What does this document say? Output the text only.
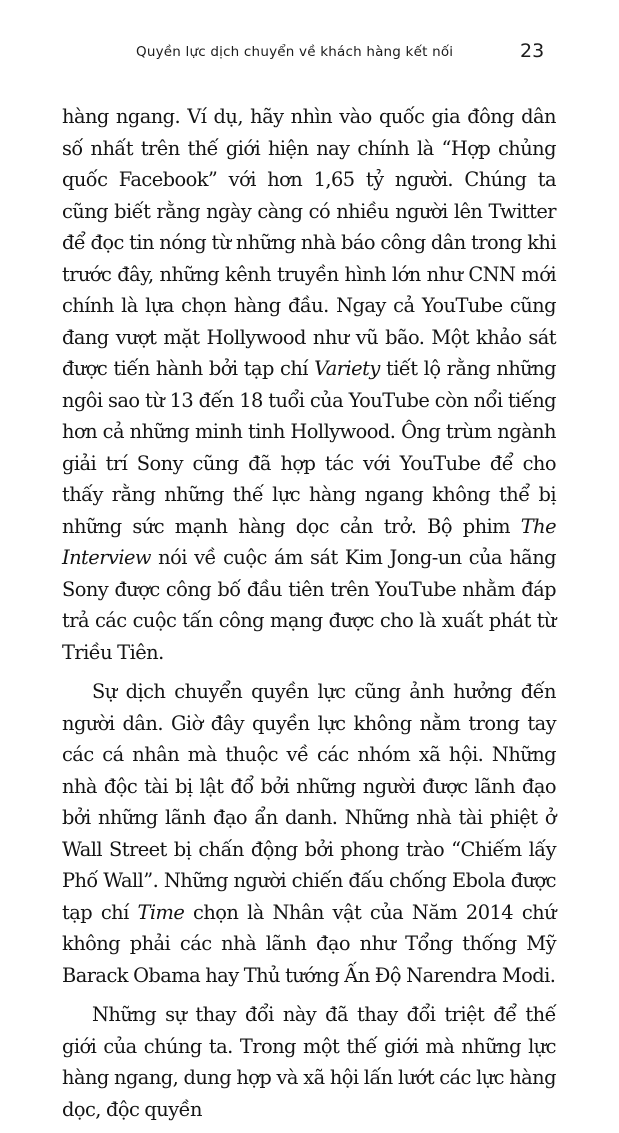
Quyền lực dịch chuyển về khách hàng kết nối	23

hàng ngang. Ví dụ, hãy nhìn vào quốc gia đông dân số nhất trên thế giới hiện nay chính là “Hợp chủng quốc Facebook” với hơn 1,65 tỷ người. Chúng ta cũng biết rằng ngày càng có nhiều người lên Twitter để đọc tin nóng từ những nhà báo công dân trong khi trước đây, những kênh truyền hình lớn như CNN mới chính là lựa chọn hàng đầu. Ngay cả YouTube cũng đang vượt mặt Hollywood như vũ bão. Một khảo sát được tiến hành bởi tạp chí Variety tiết lộ rằng những ngôi sao từ 13 đến 18 tuổi của YouTube còn nổi tiếng hơn cả những minh tinh Hollywood. Ông trùm ngành giải trí Sony cũng đã hợp tác với YouTube để cho thấy rằng những thế lực hàng ngang không thể bị những sức mạnh hàng dọc cản trở. Bộ phim The Interview nói về cuộc ám sát Kim Jong-un của hãng Sony được công bố đầu tiên trên YouTube nhằm đáp trả các cuộc tấn công mạng được cho là xuất phát từ Triều Tiên.

Sự dịch chuyển quyền lực cũng ảnh hưởng đến người dân. Giờ đây quyền lực không nằm trong tay các cá nhân mà thuộc về các nhóm xã hội. Những nhà độc tài bị lật đổ bởi những người được lãnh đạo bởi những lãnh đạo ẩn danh. Những nhà tài phiệt ở Wall Street bị chấn động bởi phong trào “Chiếm lấy Phố Wall”. Những người chiến đấu chống Ebola được tạp chí Time chọn là Nhân vật của Năm 2014 chứ không phải các nhà lãnh đạo như Tổng thống Mỹ Barack Obama hay Thủ tướng Ấn Độ Narendra Modi.

Những sự thay đổi này đã thay đổi triệt để thế giới của chúng ta. Trong một thế giới mà những lực hàng ngang, dung hợp và xã hội lấn lướt các lực hàng dọc, độc quyền
